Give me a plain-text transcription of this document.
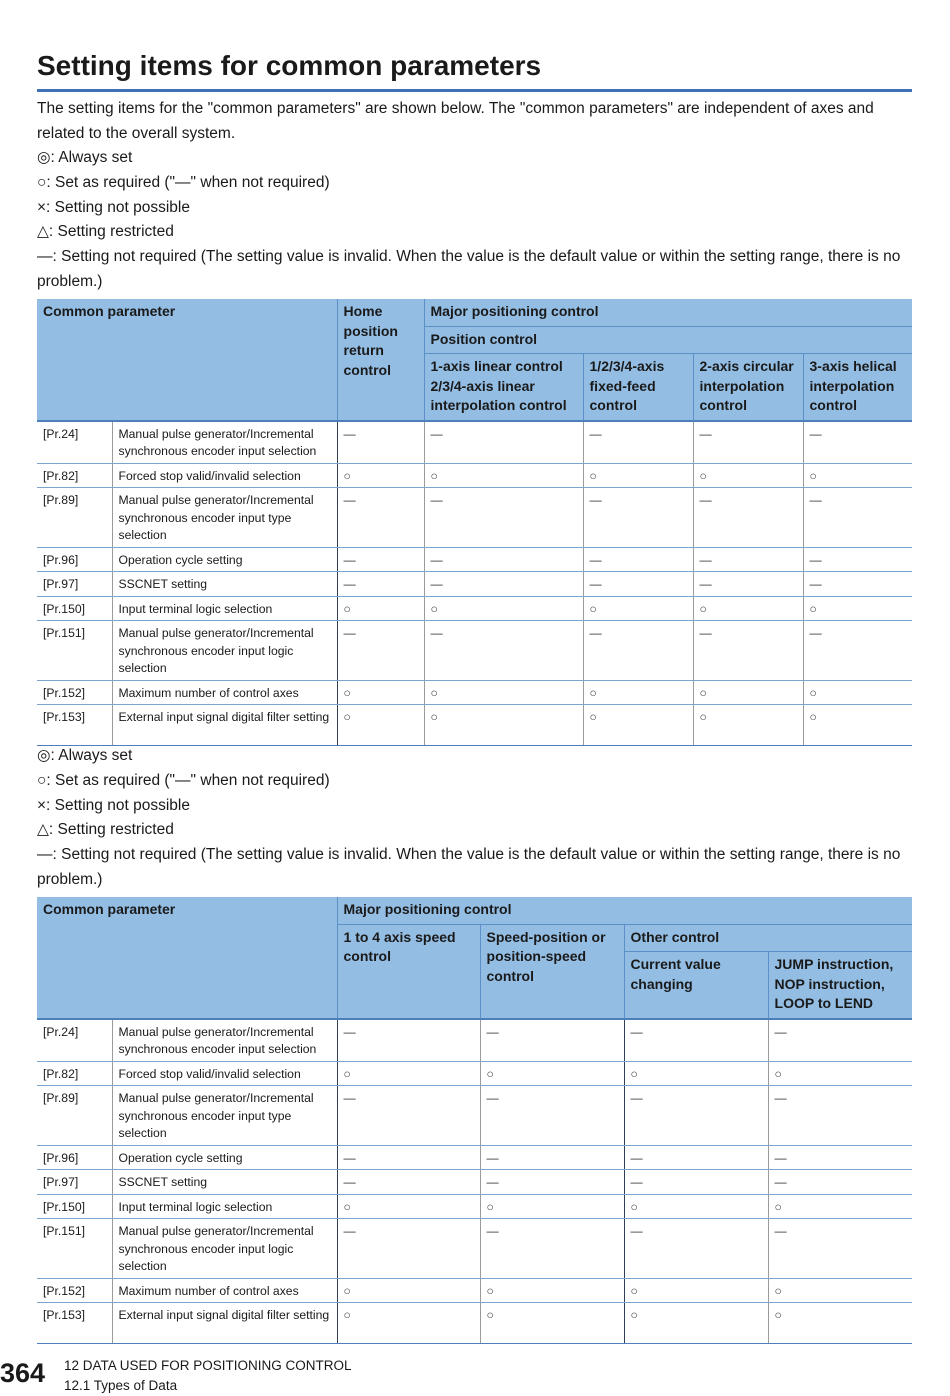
Setting items for common parameters
The setting items for the "common parameters" are shown below. The "common parameters" are independent of axes and related to the overall system.
◎: Always set
○: Set as required ("—" when not required)
×: Setting not possible
△: Setting restricted
—: Setting not required (The setting value is invalid. When the value is the default value or within the setting range, there is no problem.)
Common parameter		Home position return control	Major positioning control			
			Position control			
			1-axis linear control 2/3/4-axis linear interpolation control	1/2/3/4-axis fixed-feed control	2-axis circular interpolation control	3-axis helical interpolation control
[Pr.24]	Manual pulse generator/Incremental synchronous encoder input selection	—	—	—	—	—
[Pr.82]	Forced stop valid/invalid selection	○	○	○	○	○
[Pr.89]	Manual pulse generator/Incremental synchronous encoder input type selection	—	—	—	—	—
[Pr.96]	Operation cycle setting	—	—	—	—	—
[Pr.97]	SSCNET setting	—	—	—	—	—
[Pr.150]	Input terminal logic selection	○	○	○	○	○
[Pr.151]	Manual pulse generator/Incremental synchronous encoder input logic selection	—	—	—	—	—
[Pr.152]	Maximum number of control axes	○	○	○	○	○
[Pr.153]	External input signal digital filter setting	○	○	○	○	○
◎: Always set
○: Set as required ("—" when not required)
×: Setting not possible
△: Setting restricted
—: Setting not required (The setting value is invalid. When the value is the default value or within the setting range, there is no problem.)
Common parameter		Major positioning control			
		1 to 4 axis speed control	Speed-position or position-speed control	Other control	
				Current value changing	JUMP instruction, NOP instruction, LOOP to LEND
[Pr.24]	Manual pulse generator/Incremental synchronous encoder input selection	—	—	—	—
[Pr.82]	Forced stop valid/invalid selection	○	○	○	○
[Pr.89]	Manual pulse generator/Incremental synchronous encoder input type selection	—	—	—	—
[Pr.96]	Operation cycle setting	—	—	—	—
[Pr.97]	SSCNET setting	—	—	—	—
[Pr.150]	Input terminal logic selection	○	○	○	○
[Pr.151]	Manual pulse generator/Incremental synchronous encoder input logic selection	—	—	—	—
[Pr.152]	Maximum number of control axes	○	○	○	○
[Pr.153]	External input signal digital filter setting	○	○	○	○
364 12 DATA USED FOR POSITIONING CONTROL
12.1 Types of Data
